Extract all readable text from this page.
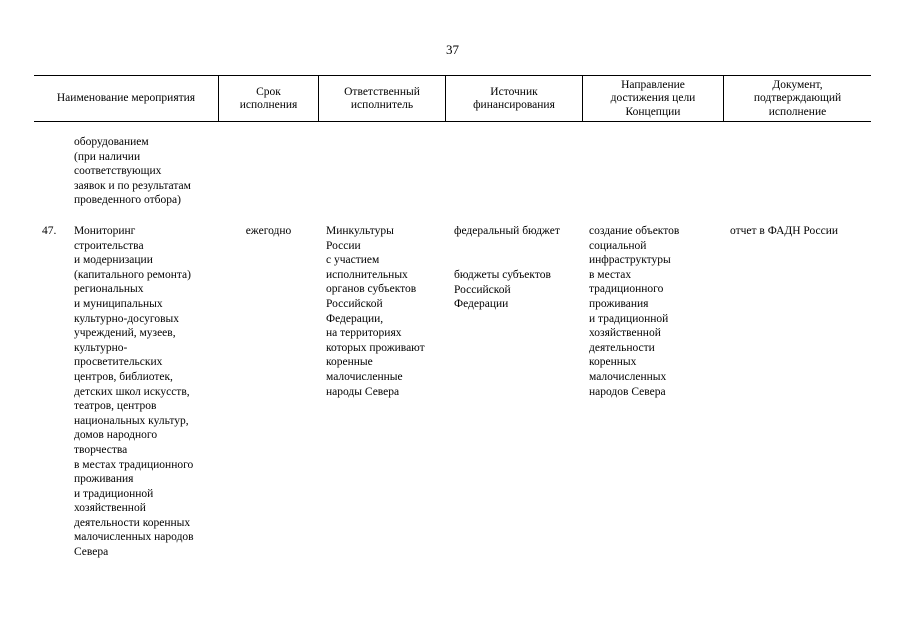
37
Наименование мероприятия
Срок
исполнения
Ответственный
исполнитель
Источник
финансирования
Направление
достижения цели
Концепции
Документ,
подтверждающий
исполнение
оборудованием
(при наличии
соответствующих
заявок и по результатам
проведенного отбора)
47. Мониторинг
строительства
и модернизации
(капитального ремонта)
региональных
и муниципальных
культурно-досуговых
учреждений, музеев,
культурно-
просветительских
центров, библиотек,
детских школ искусств,
театров, центров
национальных культур,
домов народного
творчества
в местах традиционного
проживания
и традиционной
хозяйственной
деятельности коренных
малочисленных народов
Севера
ежегодно	Минкультуры
России
с участием
исполнительных
органов субъектов
Российской
Федерации,
на территориях
которых проживают
коренные
малочисленные
народы Севера
федеральный бюджет
бюджеты субъектов
Российской
Федерации
создание объектов
социальной
инфраструктуры
в местах
традиционного
проживания
и традиционной
хозяйственной
деятельности
коренных
малочисленных
народов Севера
отчет в ФАДН России
